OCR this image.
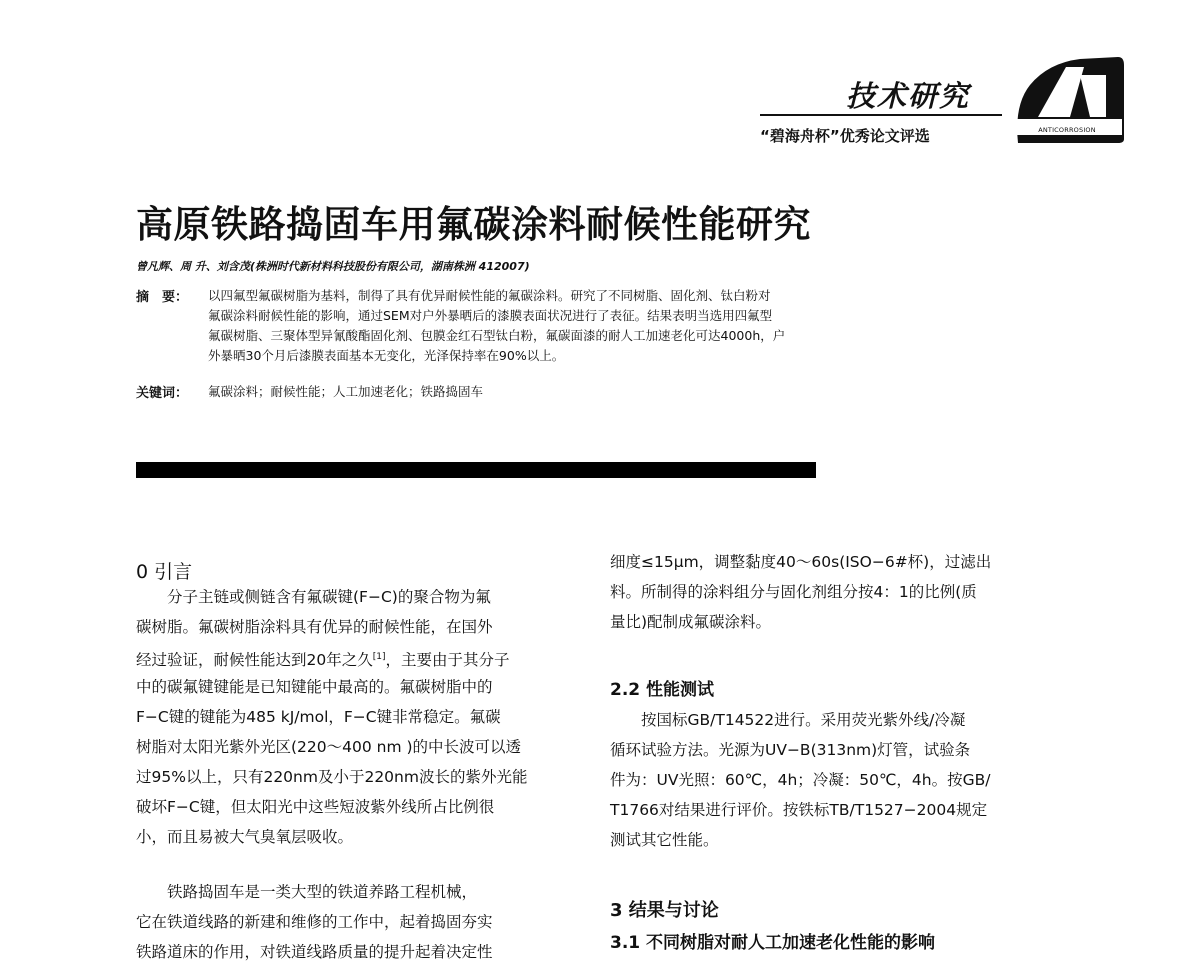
技术研究
“碧海舟杯”优秀论文评选	ANTICORROSION
高原铁路捣固车用氟碳涂料耐候性能研究
曾凡辉、周 升、刘含茂(株洲时代新材料科技股份有限公司，湖南株洲 412007)
摘　要： 以四氟型氟碳树脂为基料，制得了具有优异耐候性能的氟碳涂料。研究了不同树脂、固化剂、钛白粉对
氟碳涂料耐候性能的影响，通过SEM对户外暴晒后的漆膜表面状况进行了表征。结果表明当选用四氟型
氟碳树脂、三聚体型异氰酸酯固化剂、包膜金红石型钛白粉，氟碳面漆的耐人工加速老化可达4000h，户
外暴晒30个月后漆膜表面基本无变化，光泽保持率在90%以上。
关键词： 氟碳涂料；耐候性能；人工加速老化；铁路捣固车
0 引言
　　分子主链或侧链含有氟碳键(F−C)的聚合物为氟
碳树脂。氟碳树脂涂料具有优异的耐候性能，在国外
经过验证，耐候性能达到20年之久[1]，主要由于其分子
中的碳氟键键能是已知键能中最高的。氟碳树脂中的
F−C键的键能为485 kJ/mol，F−C键非常稳定。氟碳
树脂对太阳光紫外光区(220～400 nm )的中长波可以透
过95%以上，只有220nm及小于220nm波长的紫外光能
破坏F−C键，但太阳光中这些短波紫外线所占比例很
小，而且易被大气臭氧层吸收。
　　铁路捣固车是一类大型的铁道养路工程机械，
它在铁道线路的新建和维修的工作中，起着捣固夯实
铁路道床的作用，对铁道线路质量的提升起着决定性
细度≤15μm，调整黏度40～60s(ISO−6#杯)，过滤出
料。所制得的涂料组分与固化剂组分按4：1的比例(质
量比)配制成氟碳涂料。
2.2 性能测试
　　按国标GB/T14522进行。采用荧光紫外线/冷凝
循环试验方法。光源为UV−B(313nm)灯管，试验条
件为：UV光照：60℃，4h；冷凝：50℃，4h。按GB/
T1766对结果进行评价。按铁标TB/T1527−2004规定
测试其它性能。
3 结果与讨论
3.1 不同树脂对耐人工加速老化性能的影响
